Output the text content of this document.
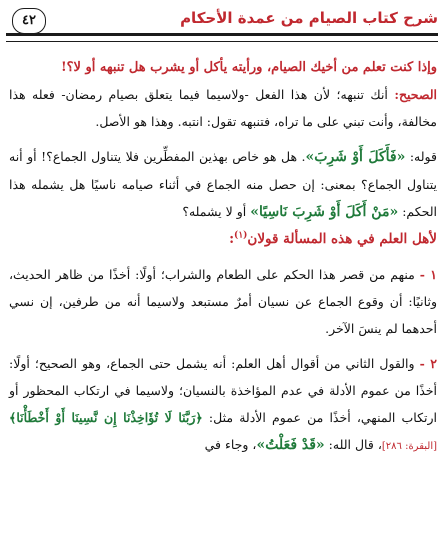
شرح كتاب الصيام من عمدة الأحكام
٤٢

وإذا كنت تعلم من أخيك الصيام، ورأيته يأكل أو يشرب هل تنبهه أو لا؟!

الصحيح: أنك تنبهه؛ لأن هذا الفعل -ولاسيما فيما يتعلق بصيام رمضان- فعله هذا مخالفة، وأنت تبني على ما تراه، فتنبهه تقول: انتبه. وهذا هو الأصل.

قوله: «فَأَكَلَ أَوْ شَرِبَ». هل هو خاص بهذين المفطِّرين فلا يتناول الجماع؟! أو أنه يتناول الجماع؟ بمعنى: إن حصل منه الجماع في أثناء صيامه ناسيًا هل يشمله هذا الحكم: «مَنْ أَكَلَ أَوْ شَرِبَ نَاسِيًا» أو لا يشمله؟

لأهل العلم في هذه المسألة قولان$^{(١)}$:

١ - منهم من قصر هذا الحكم على الطعام والشراب؛ أولًا: أخذًا من ظاهر الحديث، وثانيًا: أن وقوع الجماع عن نسيان أمرٌ مستبعد ولاسيما أنه من طرفين، إن نسي أحدهما لم ينسَ الآخر.

٢ - والقول الثاني من أقوال أهل العلم: أنه يشمل حتى الجماع، وهو الصحيح؛ أولًا: أخذًا من عموم الأدلة في عدم المؤاخذة بالنسيان؛ ولاسيما في ارتكاب المحظور أو ارتكاب المنهي، أخذًا من عموم الأدلة مثل: ﴿رَبَّنَا لَا تُؤَاخِذْنَا إِن نَّسِينَا أَوْ أَخْطَأْنَا﴾ [البقرة: ٢٨٦]، قال الله: «قَدْ فَعَلْتُ»، وجاء في
